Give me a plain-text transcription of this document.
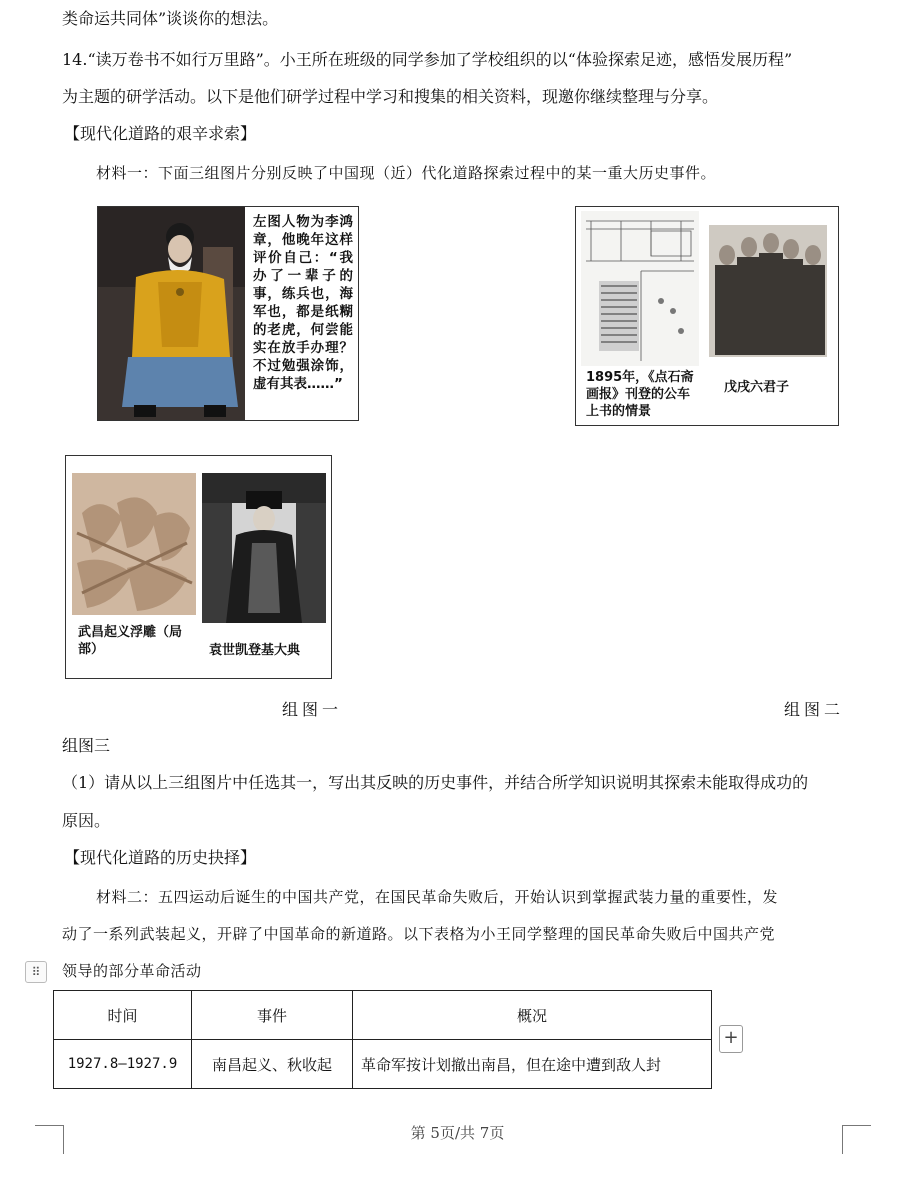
类命运共同体”谈谈你的想法。
14.“读万卷书不如行万里路”。小王所在班级的同学参加了学校组织的以“体验探索足迹，感悟发展历程”
为主题的研学活动。以下是他们研学过程中学习和搜集的相关资料，现邀你继续整理与分享。
【现代化道路的艰辛求索】
材料一：下面三组图片分别反映了中国现（近）代化道路探索过程中的某一重大历史事件。
左图人物为李鸿章，他晚年这样评价自己：“我办了一辈子的事，练兵也，海军也，都是纸糊的老虎，何尝能实在放手办理？不过勉强涂饰，虚有其表……”	1895年，《点石斋画报》刊登的公车上书的情景
戊戌六君子
武昌起义浮雕（局部）	袁世凯登基大典
组图一	组图二
组图三
（1）请从以上三组图片中任选其一，写出其反映的历史事件，并结合所学知识说明其探索未能取得成功的
原因。
【现代化道路的历史抉择】
材料二：五四运动后诞生的中国共产党，在国民革命失败后，开始认识到掌握武装力量的重要性，发
动了一系列武装起义，开辟了中国革命的新道路。以下表格为小王同学整理的国民革命失败后中国共产党
领导的部分革命活动
⠿
时间	事件	概况
1927.8—1927.9	南昌起义、秋收起	革命军按计划撤出南昌，但在途中遭到敌人封
+
第 5页/共 7页
